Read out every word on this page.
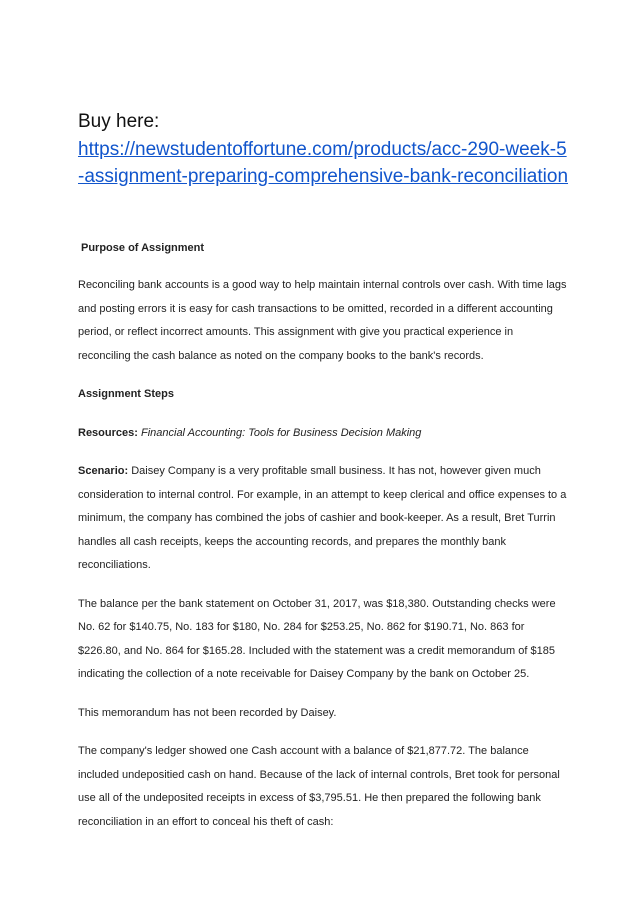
Buy here:

https://newstudentoffortune.com/products/acc-290-week-5-assignment-preparing-comprehensive-bank-reconciliation

Purpose of Assignment

Reconciling bank accounts is a good way to help maintain internal controls over cash. With time lags and posting errors it is easy for cash transactions to be omitted, recorded in a different accounting period, or reflect incorrect amounts. This assignment with give you practical experience in reconciling the cash balance as noted on the company books to the bank's records.

Assignment Steps

Resources: Financial Accounting: Tools for Business Decision Making

Scenario: Daisey Company is a very profitable small business. It has not, however given much consideration to internal control. For example, in an attempt to keep clerical and office expenses to a minimum, the company has combined the jobs of cashier and book-keeper. As a result, Bret Turrin handles all cash receipts, keeps the accounting records, and prepares the monthly bank reconciliations.

The balance per the bank statement on October 31, 2017, was $18,380. Outstanding checks were No. 62 for $140.75, No. 183 for $180, No. 284 for $253.25, No. 862 for $190.71, No. 863 for $226.80, and No. 864 for $165.28. Included with the statement was a credit memorandum of $185 indicating the collection of a note receivable for Daisey Company by the bank on October 25.

This memorandum has not been recorded by Daisey.

The company's ledger showed one Cash account with a balance of $21,877.72. The balance included undepositied cash on hand. Because of the lack of internal controls, Bret took for personal use all of the undeposited receipts in excess of $3,795.51. He then prepared the following bank reconciliation in an effort to conceal his theft of cash:
